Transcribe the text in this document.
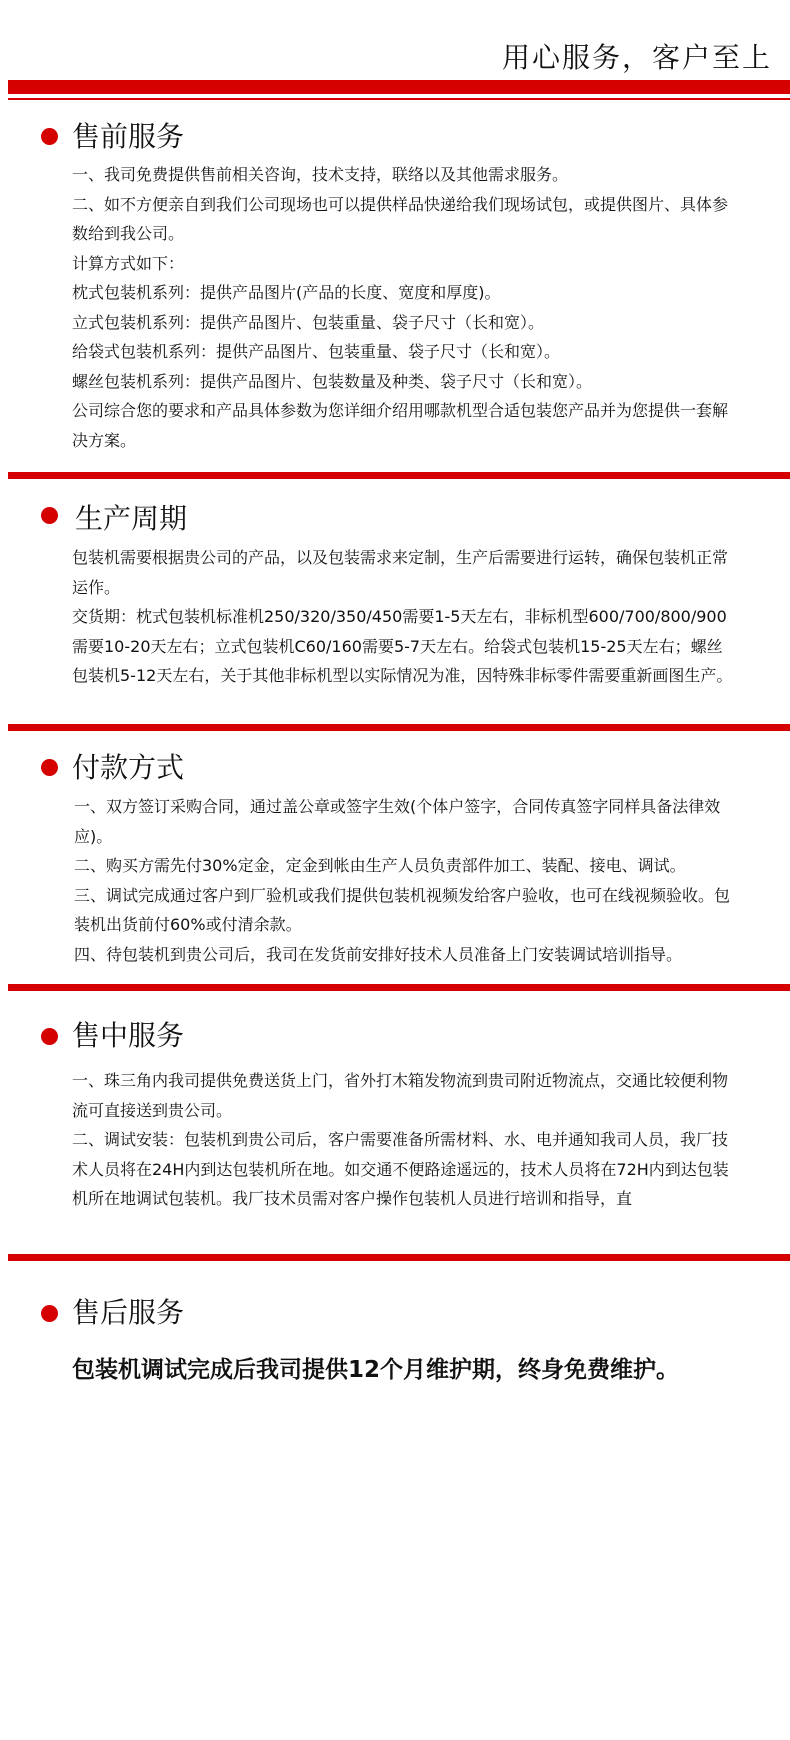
用心服务，客户至上
售前服务

一、我司免费提供售前相关咨询，技术支持，联络以及其他需求服务。

二、如不方便亲自到我们公司现场也可以提供样品快递给我们现场试包，或提供图片、具体参数给到我公司。

计算方式如下：

枕式包装机系列：提供产品图片(产品的长度、宽度和厚度)。

立式包装机系列：提供产品图片、包装重量、袋子尺寸（长和宽）。

给袋式包装机系列：提供产品图片、包装重量、袋子尺寸（长和宽）。

螺丝包装机系列：提供产品图片、包装数量及种类、袋子尺寸（长和宽）。

公司综合您的要求和产品具体参数为您详细介绍用哪款机型合适包装您产品并为您提供一套解决方案。

生产周期

包装机需要根据贵公司的产品，以及包装需求来定制，生产后需要进行运转，确保包装机正常运作。

交货期：枕式包装机标准机250/320/350/450需要1-5天左右，非标机型600/700/800/900需要10-20天左右；立式包装机C60/160需要5-7天左右。给袋式包装机15-25天左右；螺丝包装机5-12天左右，关于其他非标机型以实际情况为准，因特殊非标零件需要重新画图生产。

付款方式

一、双方签订采购合同，通过盖公章或签字生效(个体户签字，合同传真签字同样具备法律效应)。

二、购买方需先付30%定金，定金到帐由生产人员负责部件加工、装配、接电、调试。

三、调试完成通过客户到厂验机或我们提供包装机视频发给客户验收，也可在线视频验收。包装机出货前付60%或付清余款。

四、待包装机到贵公司后，我司在发货前安排好技术人员准备上门安装调试培训指导。

售中服务

一、珠三角内我司提供免费送货上门，省外打木箱发物流到贵司附近物流点，交通比较便利物流可直接送到贵公司。

二、调试安装：包装机到贵公司后，客户需要准备所需材料、水、电并通知我司人员，我厂技术人员将在24H内到达包装机所在地。如交通不便路途遥远的，技术人员将在72H内到达包装机所在地调试包装机。我厂技术员需对客户操作包装机人员进行培训和指导，直

售后服务
包装机调试完成后我司提供12个月维护期，终身免费维护。
